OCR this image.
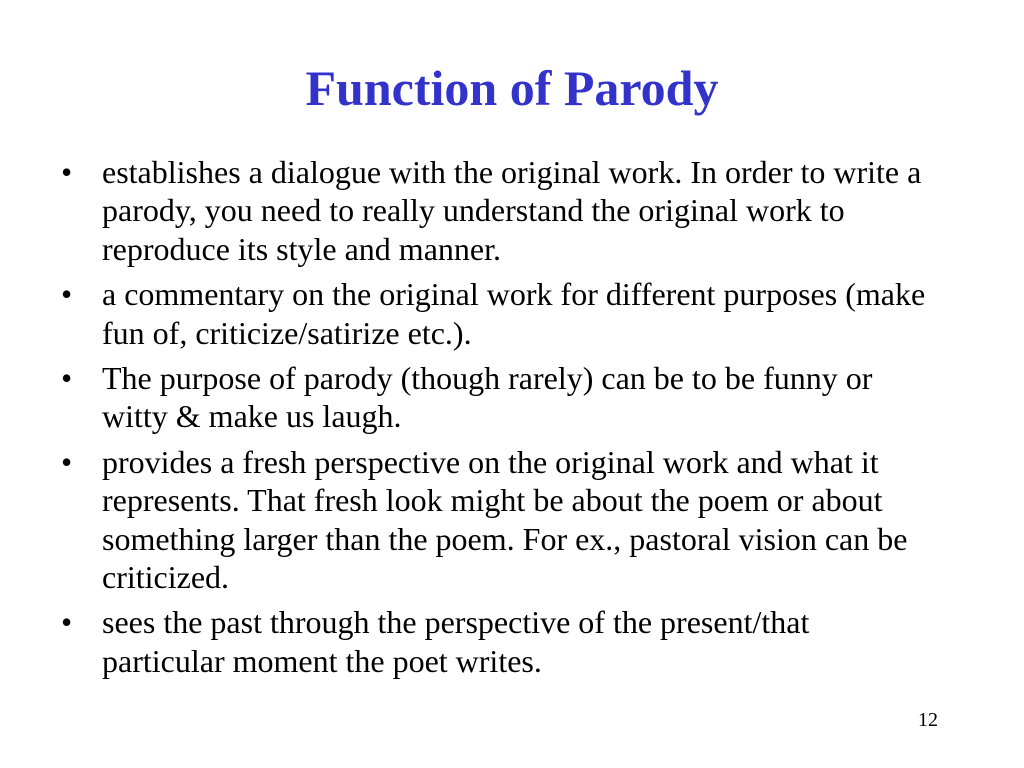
Function of Parody
• establishes a dialogue with the original work. In order to write a parody, you need to really understand the original work to reproduce its style and manner.
• a commentary on the original work for different purposes (make fun of, criticize/satirize etc.).
• The purpose of parody (though rarely) can be to be funny or witty & make us laugh.
• provides a fresh perspective on the original work and what it represents. That fresh look might be about the poem or about something larger than the poem. For ex., pastoral vision can be criticized.
• sees the past through the perspective of the present/that particular moment the poet writes.
12
